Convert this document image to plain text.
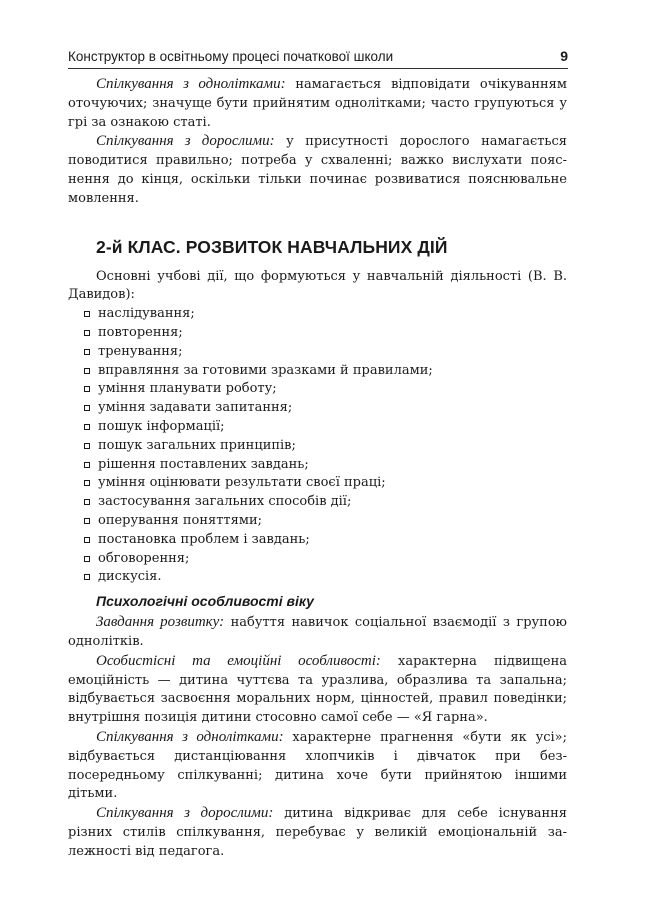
Конструктор в освітньому процесі початкової школи	9

Спілкування з однолітками: намагається відповідати очікуванням оточуючих; значуще бути прийнятим однолітками; часто групуються у грі за ознакою статі.

Спілкування з дорослими: у присутності дорослого намагається поводитися правильно; потреба у схваленні; важко вислухати пояснення до кінця, оскільки тільки починає розвиватися пояснювальне мовлення.

2-й КЛАС. РОЗВИТОК НАВЧАЛЬНИХ ДІЙ

Основні учбові дії, що формуються у навчальній діяльності (В. В. Давидов):

наслідування;
повторення;
тренування;
вправляння за готовими зразками й правилами;
уміння планувати роботу;
уміння задавати запитання;
пошук інформації;
пошук загальних принципів;
рішення поставлених завдань;
уміння оцінювати результати своєї праці;
застосування загальних способів дії;
оперування поняттями;
постановка проблем і завдань;
обговорення;
дискусія.
Психологічні особливості віку

Завдання розвитку: набуття навичок соціальної взаємодії з групою однолітків.

Особистісні та емоційні особливості: характерна підвищена емоційність — дитина чуттєва та уразлива, образлива та запальна; відбувається засвоєння моральних норм, цінностей, правил поведінки; внутрішня позиція дитини стосовно самої себе — «Я гарна».

Спілкування з однолітками: характерне прагнення «бути як усі»; відбувається дистанціювання хлопчиків і дівчаток при безпосередньому спілкуванні; дитина хоче бути прийнятою іншими дітьми.

Спілкування з дорослими: дитина відкриває для себе існування різних стилів спілкування, перебуває у великій емоціональній залежності від педагога.
